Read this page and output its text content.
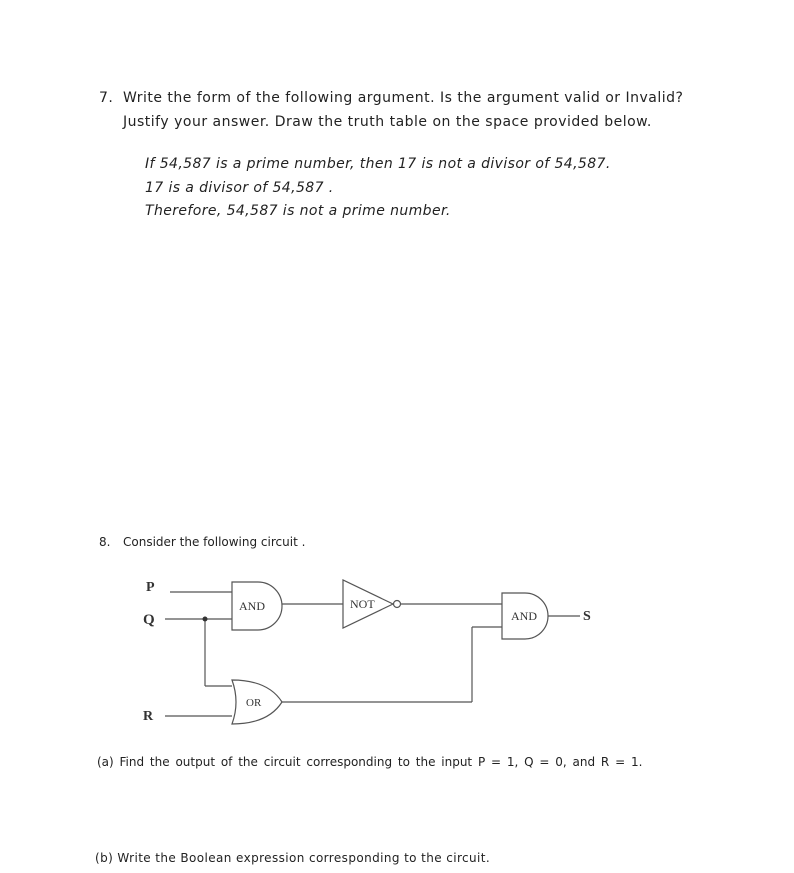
7. Write the form of the following argument. Is the argument valid or Invalid?
Justify your answer. Draw the truth table on the space provided below.
If 54,587 is a prime number, then 17 is not a divisor of 54,587.
17 is a divisor of 54,587 .
Therefore, 54,587 is not a prime number.
8. Consider the following circuit .
P
Q
R
AND	NOT
AND
OR
S
(a) Find the output of the circuit corresponding to the input P = 1, Q = 0, and R = 1.
(b) Write the Boolean expression corresponding to the circuit.
